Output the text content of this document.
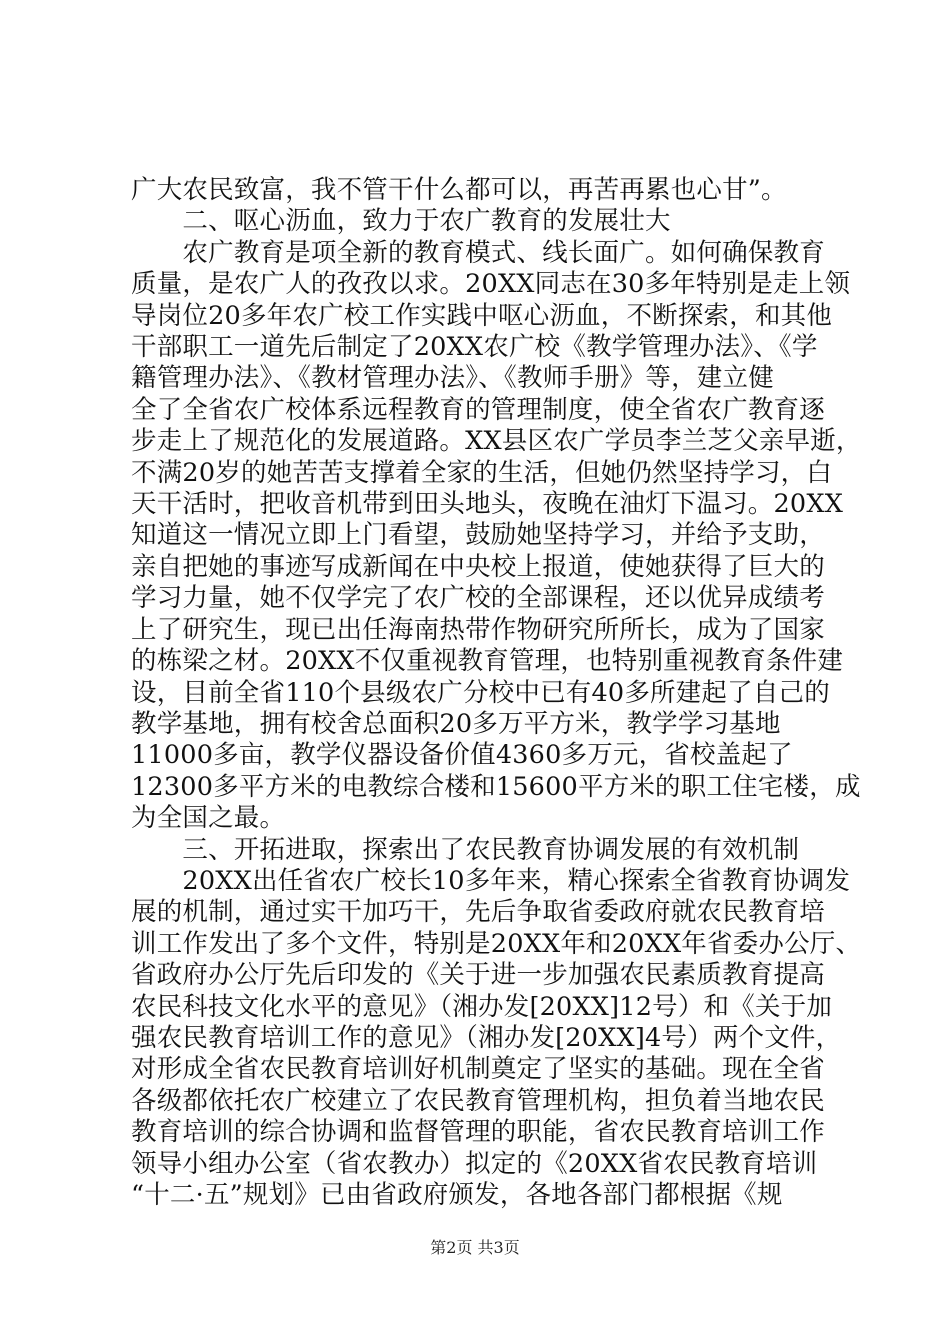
广大农民致富，我不管干什么都可以，再苦再累也心甘”。
　　二、呕心沥血，致力于农广教育的发展壮大
　　农广教育是项全新的教育模式、线长面广。如何确保教育
质量，是农广人的孜孜以求。20XX同志在30多年特别是走上领
导岗位20多年农广校工作实践中呕心沥血，不断探索，和其他
干部职工一道先后制定了20XX农广校《教学管理办法》、《学
籍管理办法》、《教材管理办法》、《教师手册》等，建立健
全了全省农广校体系远程教育的管理制度，使全省农广教育逐
步走上了规范化的发展道路。XX县区农广学员李兰芝父亲早逝，
不满20岁的她苦苦支撑着全家的生活，但她仍然坚持学习，白
天干活时，把收音机带到田头地头，夜晚在油灯下温习。20XX
知道这一情况立即上门看望，鼓励她坚持学习，并给予支助，
亲自把她的事迹写成新闻在中央校上报道，使她获得了巨大的
学习力量，她不仅学完了农广校的全部课程，还以优异成绩考
上了研究生，现已出任海南热带作物研究所所长，成为了国家
的栋梁之材。20XX不仅重视教育管理，也特别重视教育条件建
设，目前全省110个县级农广分校中已有40多所建起了自己的
教学基地，拥有校舍总面积20多万平方米，教学学习基地
11000多亩，教学仪器设备价值4360多万元，省校盖起了
12300多平方米的电教综合楼和15600平方米的职工住宅楼，成
为全国之最。
　　三、开拓进取，探索出了农民教育协调发展的有效机制
　　20XX出任省农广校长10多年来，精心探索全省教育协调发
展的机制，通过实干加巧干，先后争取省委政府就农民教育培
训工作发出了多个文件，特别是20XX年和20XX年省委办公厅、
省政府办公厅先后印发的《关于进一步加强农民素质教育提高
农民科技文化水平的意见》（湘办发[20XX]12号）和《关于加
强农民教育培训工作的意见》（湘办发[20XX]4号）两个文件，
对形成全省农民教育培训好机制奠定了坚实的基础。现在全省
各级都依托农广校建立了农民教育管理机构，担负着当地农民
教育培训的综合协调和监督管理的职能，省农民教育培训工作
领导小组办公室（省农教办）拟定的《20XX省农民教育培训
“十二·五”规划》已由省政府颁发，各地各部门都根据《规
第2页 共3页
